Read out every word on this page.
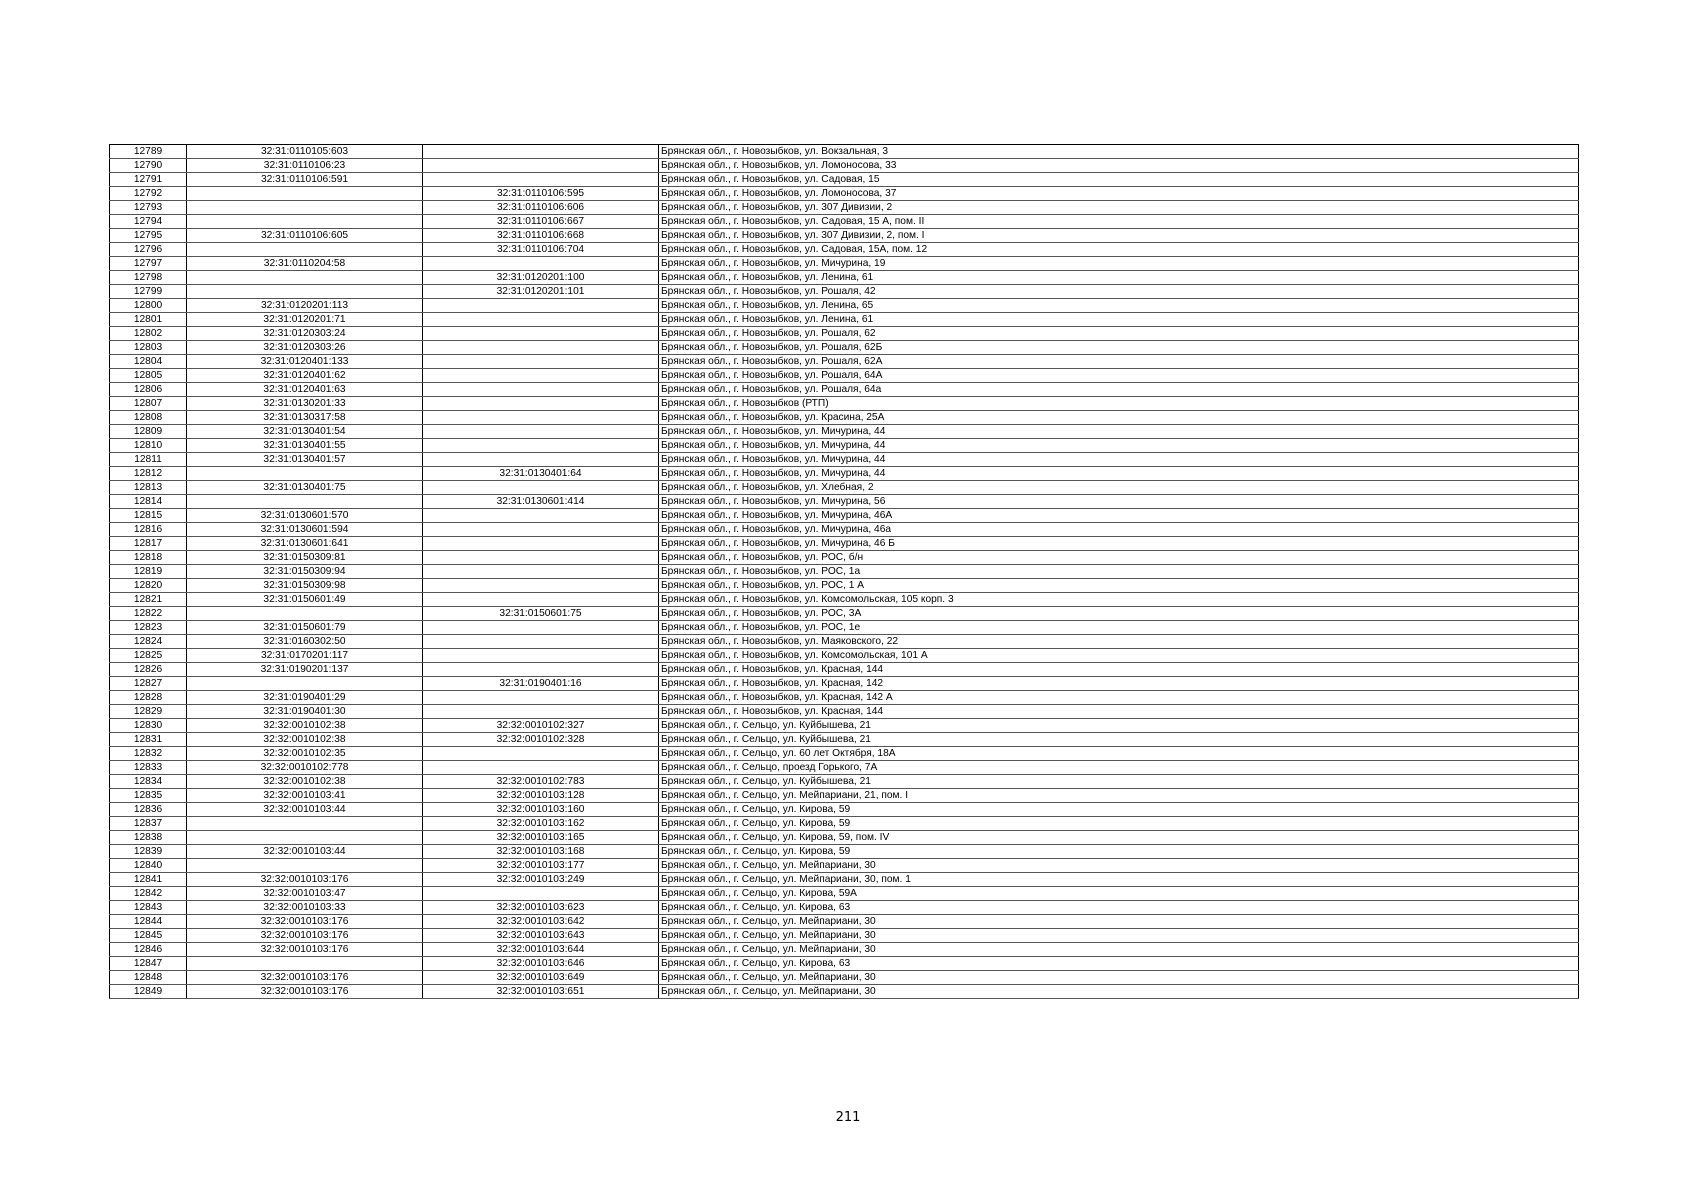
12789	32:31:0110105:603		Брянская обл., г. Новозыбков, ул. Вокзальная, 3
12790	32:31:0110106:23		Брянская обл., г. Новозыбков, ул. Ломоносова, 33
12791	32:31:0110106:591		Брянская обл., г. Новозыбков, ул. Садовая, 15
12792		32:31:0110106:595	Брянская обл., г. Новозыбков, ул. Ломоносова, 37
12793		32:31:0110106:606	Брянская обл., г. Новозыбков, ул. 307 Дивизии, 2
12794		32:31:0110106:667	Брянская обл., г. Новозыбков, ул. Садовая, 15 А, пом. II
12795	32:31:0110106:605	32:31:0110106:668	Брянская обл., г. Новозыбков, ул. 307 Дивизии, 2, пом. I
12796		32:31:0110106:704	Брянская обл., г. Новозыбков, ул. Садовая, 15А, пом. 12
12797	32:31:0110204:58		Брянская обл., г. Новозыбков, ул. Мичурина, 19
12798		32:31:0120201:100	Брянская обл., г. Новозыбков, ул. Ленина, 61
12799		32:31:0120201:101	Брянская обл., г. Новозыбков, ул. Рошаля, 42
12800	32:31:0120201:113		Брянская обл., г. Новозыбков, ул. Ленина, 65
12801	32:31:0120201:71		Брянская обл., г. Новозыбков, ул. Ленина, 61
12802	32:31:0120303:24		Брянская обл., г. Новозыбков, ул. Рошаля, 62
12803	32:31:0120303:26		Брянская обл., г. Новозыбков, ул. Рошаля, 62Б
12804	32:31:0120401:133		Брянская обл., г. Новозыбков, ул. Рошаля, 62А
12805	32:31:0120401:62		Брянская обл., г. Новозыбков, ул. Рошаля, 64А
12806	32:31:0120401:63		Брянская обл., г. Новозыбков, ул. Рошаля, 64а
12807	32:31:0130201:33		Брянская обл., г. Новозыбков (РТП)
12808	32:31:0130317:58		Брянская обл., г. Новозыбков, ул. Красина, 25А
12809	32:31:0130401:54		Брянская обл., г. Новозыбков, ул. Мичурина, 44
12810	32:31:0130401:55		Брянская обл., г. Новозыбков, ул. Мичурина, 44
12811	32:31:0130401:57		Брянская обл., г. Новозыбков, ул. Мичурина, 44
12812		32:31:0130401:64	Брянская обл., г. Новозыбков, ул. Мичурина, 44
12813	32:31:0130401:75		Брянская обл., г. Новозыбков, ул. Хлебная, 2
12814		32:31:0130601:414	Брянская обл., г. Новозыбков, ул. Мичурина, 56
12815	32:31:0130601:570		Брянская обл., г. Новозыбков, ул. Мичурина, 46А
12816	32:31:0130601:594		Брянская обл., г. Новозыбков, ул. Мичурина, 46а
12817	32:31:0130601:641		Брянская обл., г. Новозыбков, ул. Мичурина, 46 Б
12818	32:31:0150309:81		Брянская обл., г. Новозыбков, ул. РОС, б/н
12819	32:31:0150309:94		Брянская обл., г. Новозыбков, ул. РОС, 1а
12820	32:31:0150309:98		Брянская обл., г. Новозыбков, ул. РОС, 1 А
12821	32:31:0150601:49		Брянская обл., г. Новозыбков, ул. Комсомольская, 105 корп. 3
12822		32:31:0150601:75	Брянская обл., г. Новозыбков, ул. РОС, 3А
12823	32:31:0150601:79		Брянская обл., г. Новозыбков, ул. РОС, 1е
12824	32:31:0160302:50		Брянская обл., г. Новозыбков, ул. Маяковского, 22
12825	32:31:0170201:117		Брянская обл., г. Новозыбков, ул. Комсомольская, 101 А
12826	32:31:0190201:137		Брянская обл., г. Новозыбков, ул. Красная, 144
12827		32:31:0190401:16	Брянская обл., г. Новозыбков, ул. Красная, 142
12828	32:31:0190401:29		Брянская обл., г. Новозыбков, ул. Красная, 142 А
12829	32:31:0190401:30		Брянская обл., г. Новозыбков, ул. Красная, 144
12830	32:32:0010102:38	32:32:0010102:327	Брянская обл., г. Сельцо, ул. Куйбышева, 21
12831	32:32:0010102:38	32:32:0010102:328	Брянская обл., г. Сельцо, ул. Куйбышева, 21
12832	32:32:0010102:35		Брянская обл., г. Сельцо, ул. 60 лет Октября, 18А
12833	32:32:0010102:778		Брянская обл., г. Сельцо, проезд Горького, 7А
12834	32:32:0010102:38	32:32:0010102:783	Брянская обл., г. Сельцо, ул. Куйбышева, 21
12835	32:32:0010103:41	32:32:0010103:128	Брянская обл., г. Сельцо, ул. Мейпариани, 21, пом. I
12836	32:32:0010103:44	32:32:0010103:160	Брянская обл., г. Сельцо, ул. Кирова, 59
12837		32:32:0010103:162	Брянская обл., г. Сельцо, ул. Кирова, 59
12838		32:32:0010103:165	Брянская обл., г. Сельцо, ул. Кирова, 59, пом. IV
12839	32:32:0010103:44	32:32:0010103:168	Брянская обл., г. Сельцо, ул. Кирова, 59
12840		32:32:0010103:177	Брянская обл., г. Сельцо, ул. Мейпариани, 30
12841	32:32:0010103:176	32:32:0010103:249	Брянская обл., г. Сельцо, ул. Мейпариани, 30, пом. 1
12842	32:32:0010103:47		Брянская обл., г. Сельцо, ул. Кирова, 59А
12843	32:32:0010103:33	32:32:0010103:623	Брянская обл., г. Сельцо, ул. Кирова, 63
12844	32:32:0010103:176	32:32:0010103:642	Брянская обл., г. Сельцо, ул. Мейпариани, 30
12845	32:32:0010103:176	32:32:0010103:643	Брянская обл., г. Сельцо, ул. Мейпариани, 30
12846	32:32:0010103:176	32:32:0010103:644	Брянская обл., г. Сельцо, ул. Мейпариани, 30
12847		32:32:0010103:646	Брянская обл., г. Сельцо, ул. Кирова, 63
12848	32:32:0010103:176	32:32:0010103:649	Брянская обл., г. Сельцо, ул. Мейпариани, 30
12849	32:32:0010103:176	32:32:0010103:651	Брянская обл., г. Сельцо, ул. Мейпариани, 30
211
